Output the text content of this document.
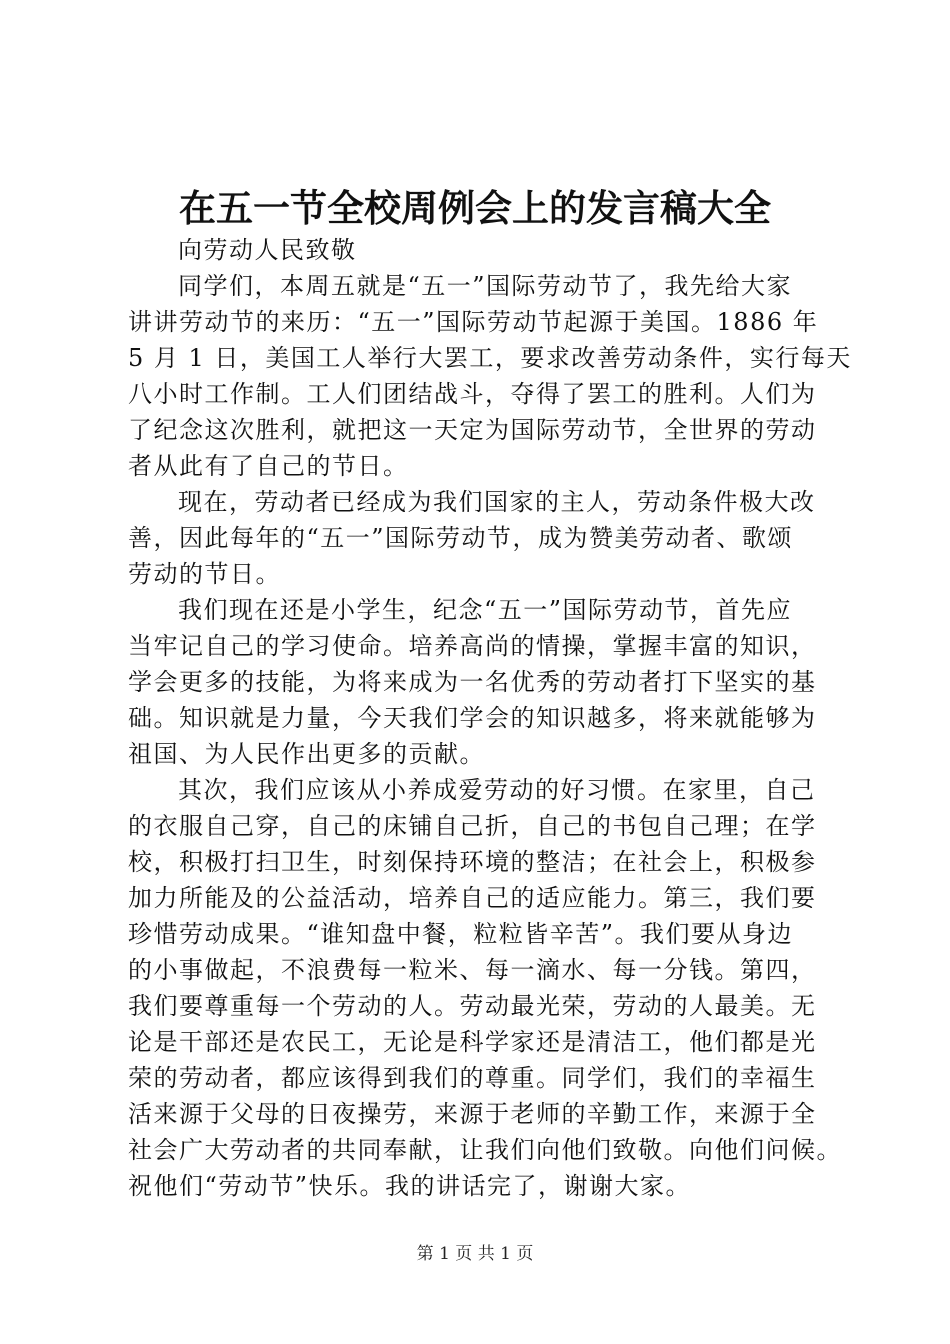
在五一节全校周例会上的发言稿大全
向劳动人民致敬
同学们，本周五就是“五一”国际劳动节了，我先给大家
讲讲劳动节的来历：“五一”国际劳动节起源于美国。1886 年
5 月 1 日，美国工人举行大罢工，要求改善劳动条件，实行每天
八小时工作制。工人们团结战斗，夺得了罢工的胜利。人们为
了纪念这次胜利，就把这一天定为国际劳动节，全世界的劳动
者从此有了自己的节日。
现在，劳动者已经成为我们国家的主人，劳动条件极大改
善，因此每年的“五一”国际劳动节，成为赞美劳动者、歌颂
劳动的节日。
我们现在还是小学生，纪念“五一”国际劳动节，首先应
当牢记自己的学习使命。培养高尚的情操，掌握丰富的知识，
学会更多的技能，为将来成为一名优秀的劳动者打下坚实的基
础。知识就是力量，今天我们学会的知识越多，将来就能够为
祖国、为人民作出更多的贡献。
其次，我们应该从小养成爱劳动的好习惯。在家里，自己
的衣服自己穿，自己的床铺自己折，自己的书包自己理；在学
校，积极打扫卫生，时刻保持环境的整洁；在社会上，积极参
加力所能及的公益活动，培养自己的适应能力。第三，我们要
珍惜劳动成果。“谁知盘中餐，粒粒皆辛苦”。我们要从身边
的小事做起，不浪费每一粒米、每一滴水、每一分钱。第四，
我们要尊重每一个劳动的人。劳动最光荣，劳动的人最美。无
论是干部还是农民工，无论是科学家还是清洁工，他们都是光
荣的劳动者，都应该得到我们的尊重。同学们，我们的幸福生
活来源于父母的日夜操劳，来源于老师的辛勤工作，来源于全
社会广大劳动者的共同奉献，让我们向他们致敬。向他们问候。
祝他们“劳动节”快乐。我的讲话完了，谢谢大家。
第 1 页 共 1 页
